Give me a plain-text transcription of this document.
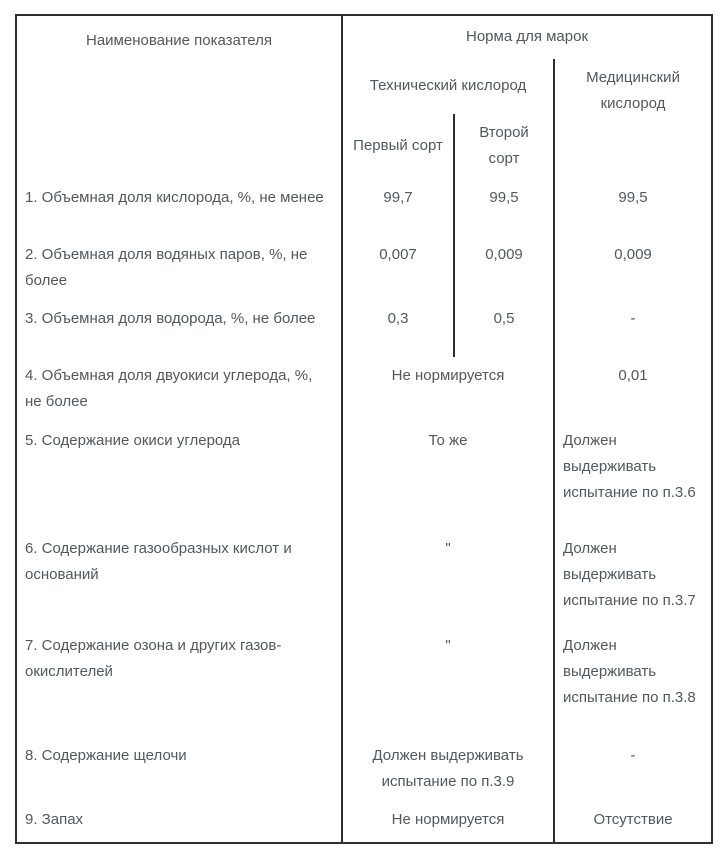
Наименование показателя	Норма для марок		
	Технический кислород		Медицинский кислород
	Первый сорт	Второй сорт	
1. Объемная доля кислорода, %, не менее	99,7	99,5	99,5
2. Объемная доля водяных паров, %, не более	0,007	0,009	0,009
3. Объемная доля водорода, %, не более	0,3	0,5	-
4. Объемная доля двуокиси углерода, %, не более	Не нормируется		0,01
5. Содержание окиси углерода	То же		Должен выдерживать испытание по п.3.6
6. Содержание газообразных кислот и оснований	"		Должен выдерживать испытание по п.3.7
7. Содержание озона и других газов-окислителей	"		Должен выдерживать испытание по п.3.8
8. Содержание щелочи	Должен выдерживать испытание по п.3.9		-
9. Запах	Не нормируется		Отсутствие
